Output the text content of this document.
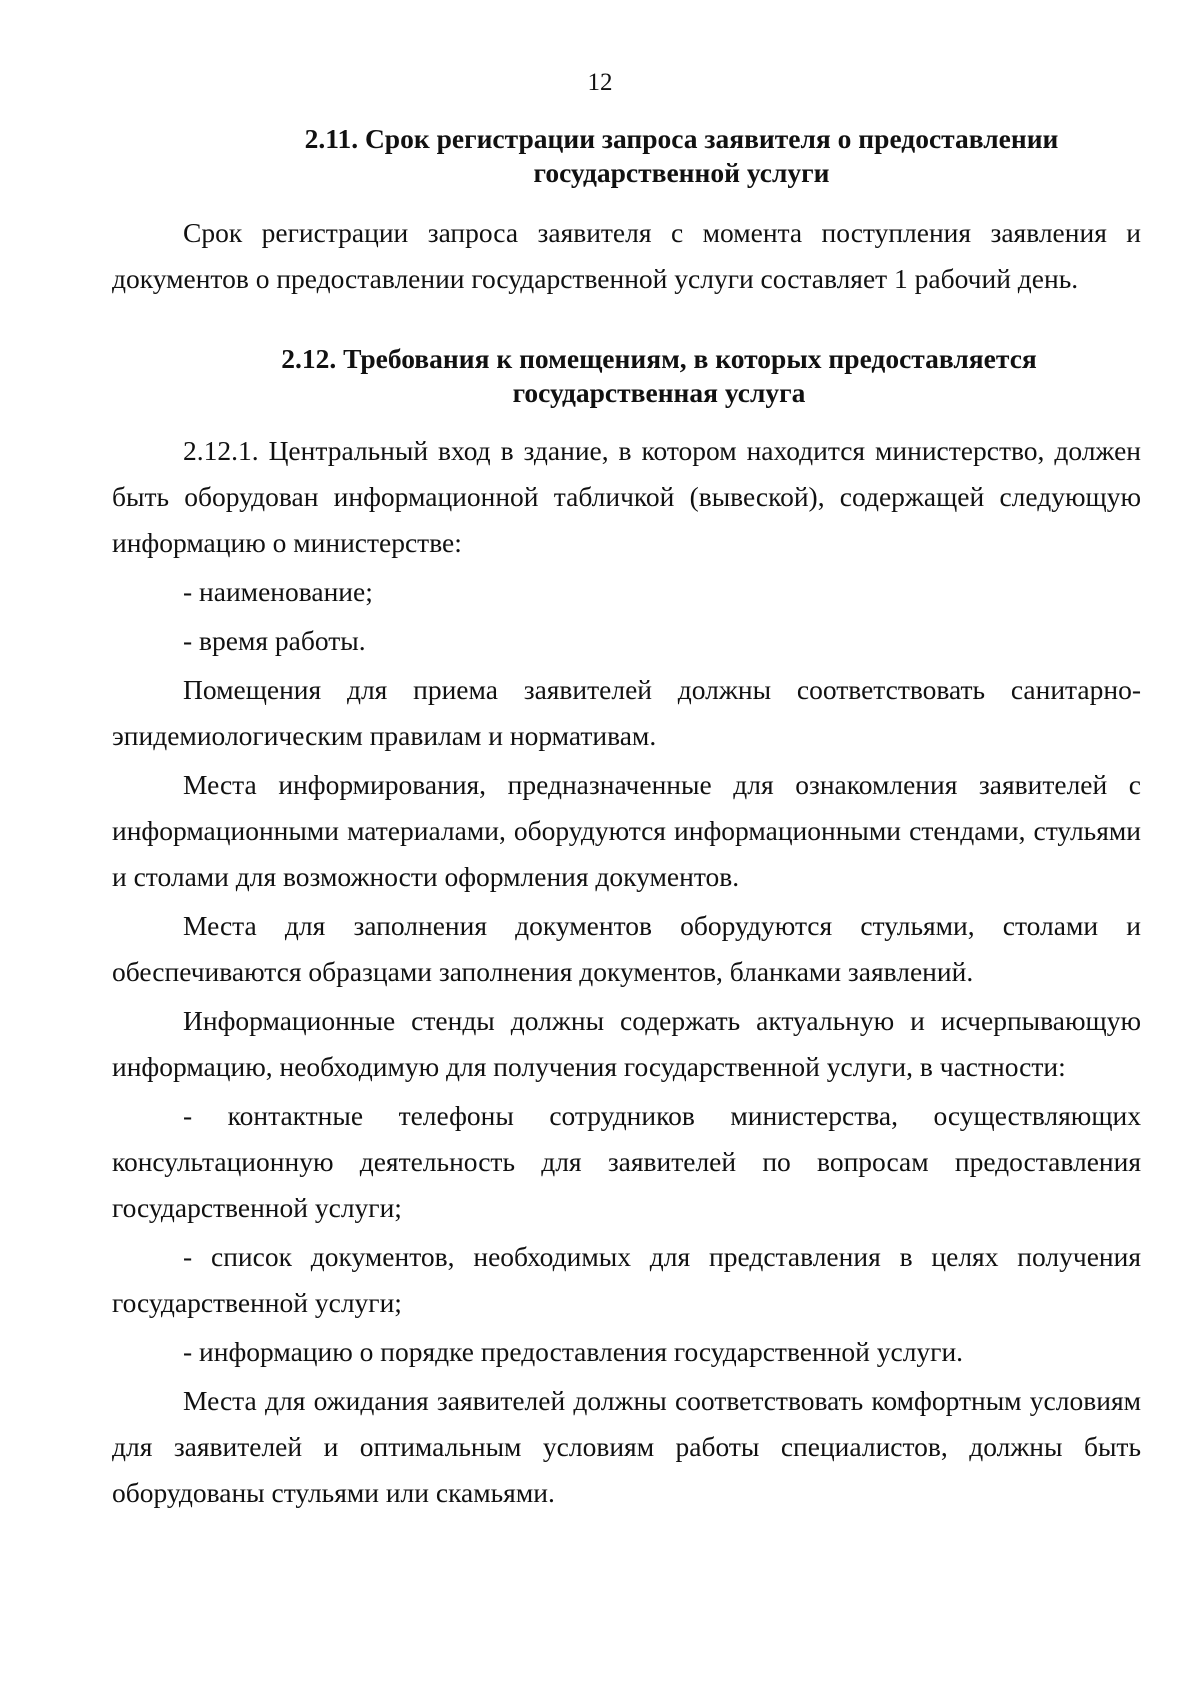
12
2.11. Срок регистрации запроса заявителя о предоставлении
государственной услуги

Срок регистрации запроса заявителя с момента поступления заявления и документов о предоставлении государственной услуги составляет 1 рабочий день.

2.12. Требования к помещениям, в которых предоставляется
государственная услуга

2.12.1. Центральный вход в здание, в котором находится министерство, должен быть оборудован информационной табличкой (вывеской), содержащей следующую информацию о министерстве:

- наименование;

- время работы.

Помещения для приема заявителей должны соответствовать санитарно-эпидемиологическим правилам и нормативам.

Места информирования, предназначенные для ознакомления заявителей с информационными материалами, оборудуются информационными стендами, стульями и столами для возможности оформления документов.

Места для заполнения документов оборудуются стульями, столами и обеспечиваются образцами заполнения документов, бланками заявлений.

Информационные стенды должны содержать актуальную и исчерпывающую информацию, необходимую для получения государственной услуги, в частности:

- контактные телефоны сотрудников министерства, осуществляющих консультационную деятельность для заявителей по вопросам предоставления государственной услуги;

- список документов, необходимых для представления в целях получения государственной услуги;

- информацию о порядке предоставления государственной услуги.

Места для ожидания заявителей должны соответствовать комфортным условиям для заявителей и оптимальным условиям работы специалистов, должны быть оборудованы стульями или скамьями.
